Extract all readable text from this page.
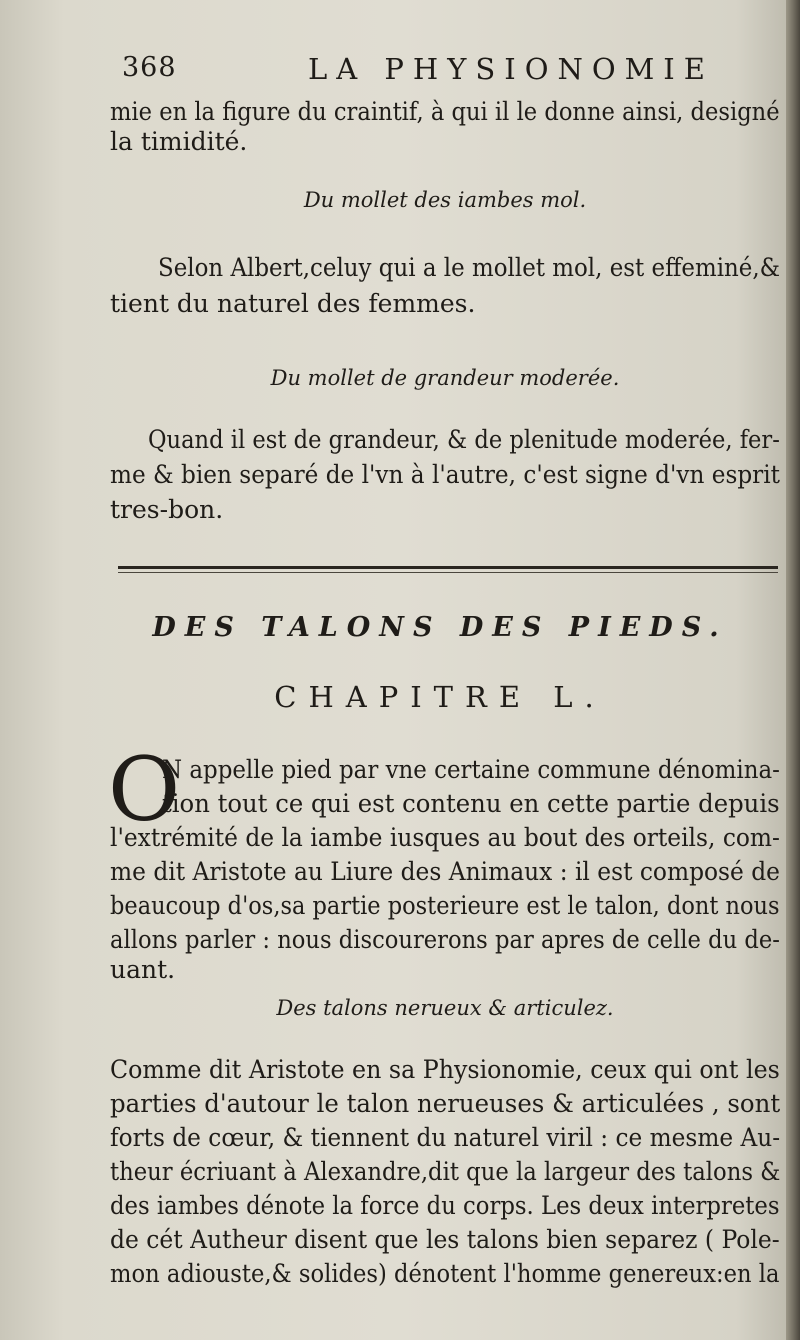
368	LA PHYSIONOMIE
mie en la figure du craintif, à qui il le donne ainsi, designé
la timidité.
Du mollet des iambes mol.
Selon Albert,celuy qui a le mollet mol, est effeminé,&
tient du naturel des femmes.
Du mollet de grandeur moderée.
Quand il est de grandeur, & de plenitude moderée, fer-
me & bien separé de l'vn à l'autre, c'est signe d'vn esprit
tres-bon.
DES TALONS DES PIEDS.
CHAPITRE L.
O
N appelle pied par vne certaine commune dénomina-
tion tout ce qui est contenu en cette partie depuis
l'extrémité de la iambe iusques au bout des orteils, com-
me dit Aristote au Liure des Animaux : il est composé de
beaucoup d'os,sa partie posterieure est le talon, dont nous
allons parler : nous discourerons par apres de celle du de-
uant.
Des talons nerueux & articulez.
Comme dit Aristote en sa Physionomie, ceux qui ont les
parties d'autour le talon nerueuses & articulées , sont
forts de cœur, & tiennent du naturel viril : ce mesme Au-
theur écriuant à Alexandre,dit que la largeur des talons &
des iambes dénote la force du corps. Les deux interpretes
de cét Autheur disent que les talons bien separez ( Pole-
mon adiouste,& solides) dénotent l'homme genereux:en la
